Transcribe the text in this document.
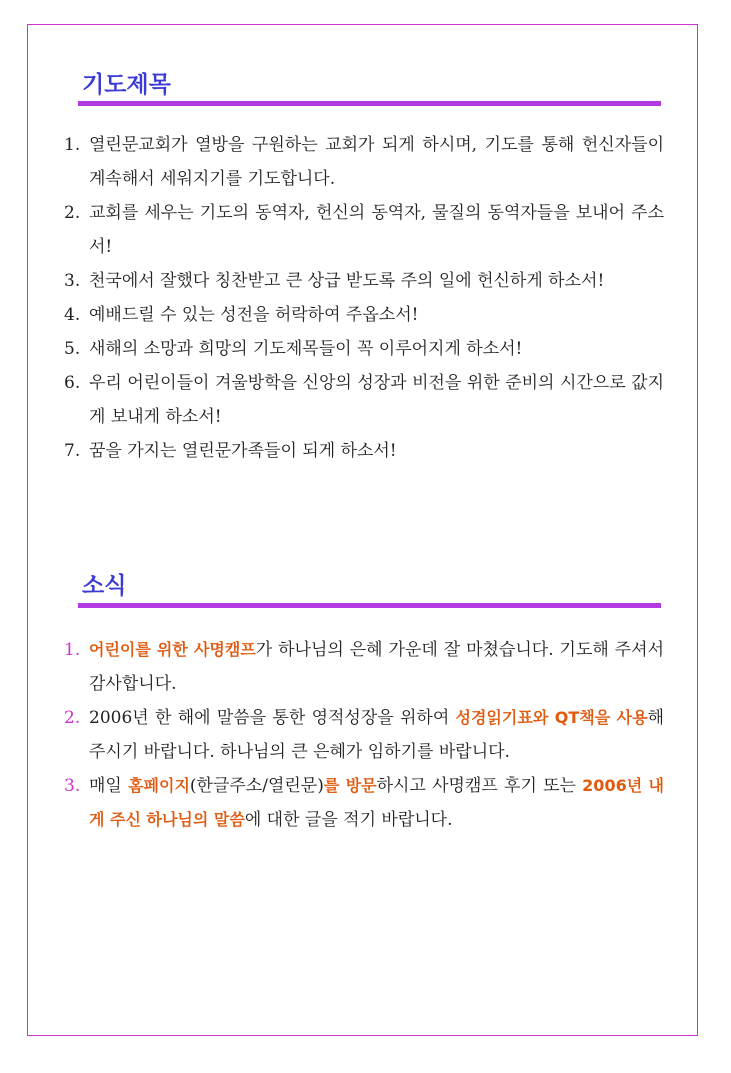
기도제목
1. 열린문교회가 열방을 구원하는 교회가 되게 하시며, 기도를 통해 헌신자들이 계속해서 세워지기를 기도합니다.
2. 교회를 세우는 기도의 동역자, 헌신의 동역자, 물질의 동역자들을 보내어 주소서!
3. 천국에서 잘했다 칭찬받고 큰 상급 받도록 주의 일에 헌신하게 하소서!
4. 예배드릴 수 있는 성전을 허락하여 주옵소서!
5. 새해의 소망과 희망의 기도제목들이 꼭 이루어지게 하소서!
6. 우리 어린이들이 겨울방학을 신앙의 성장과 비전을 위한 준비의 시간으로 값지게 보내게 하소서!
7. 꿈을 가지는 열린문가족들이 되게 하소서!
소식
1. 어린이를 위한 사명캠프가 하나님의 은혜 가운데 잘 마쳤습니다. 기도해 주셔서 감사합니다.
2. 2006년 한 해에 말씀을 통한 영적성장을 위하여 성경읽기표와 QT책을 사용해주시기 바랍니다. 하나님의 큰 은혜가 임하기를 바랍니다.
3. 매일 홈페이지(한글주소/열린문)를 방문하시고 사명캠프 후기 또는 2006년 내게 주신 하나님의 말씀에 대한 글을 적기 바랍니다.
